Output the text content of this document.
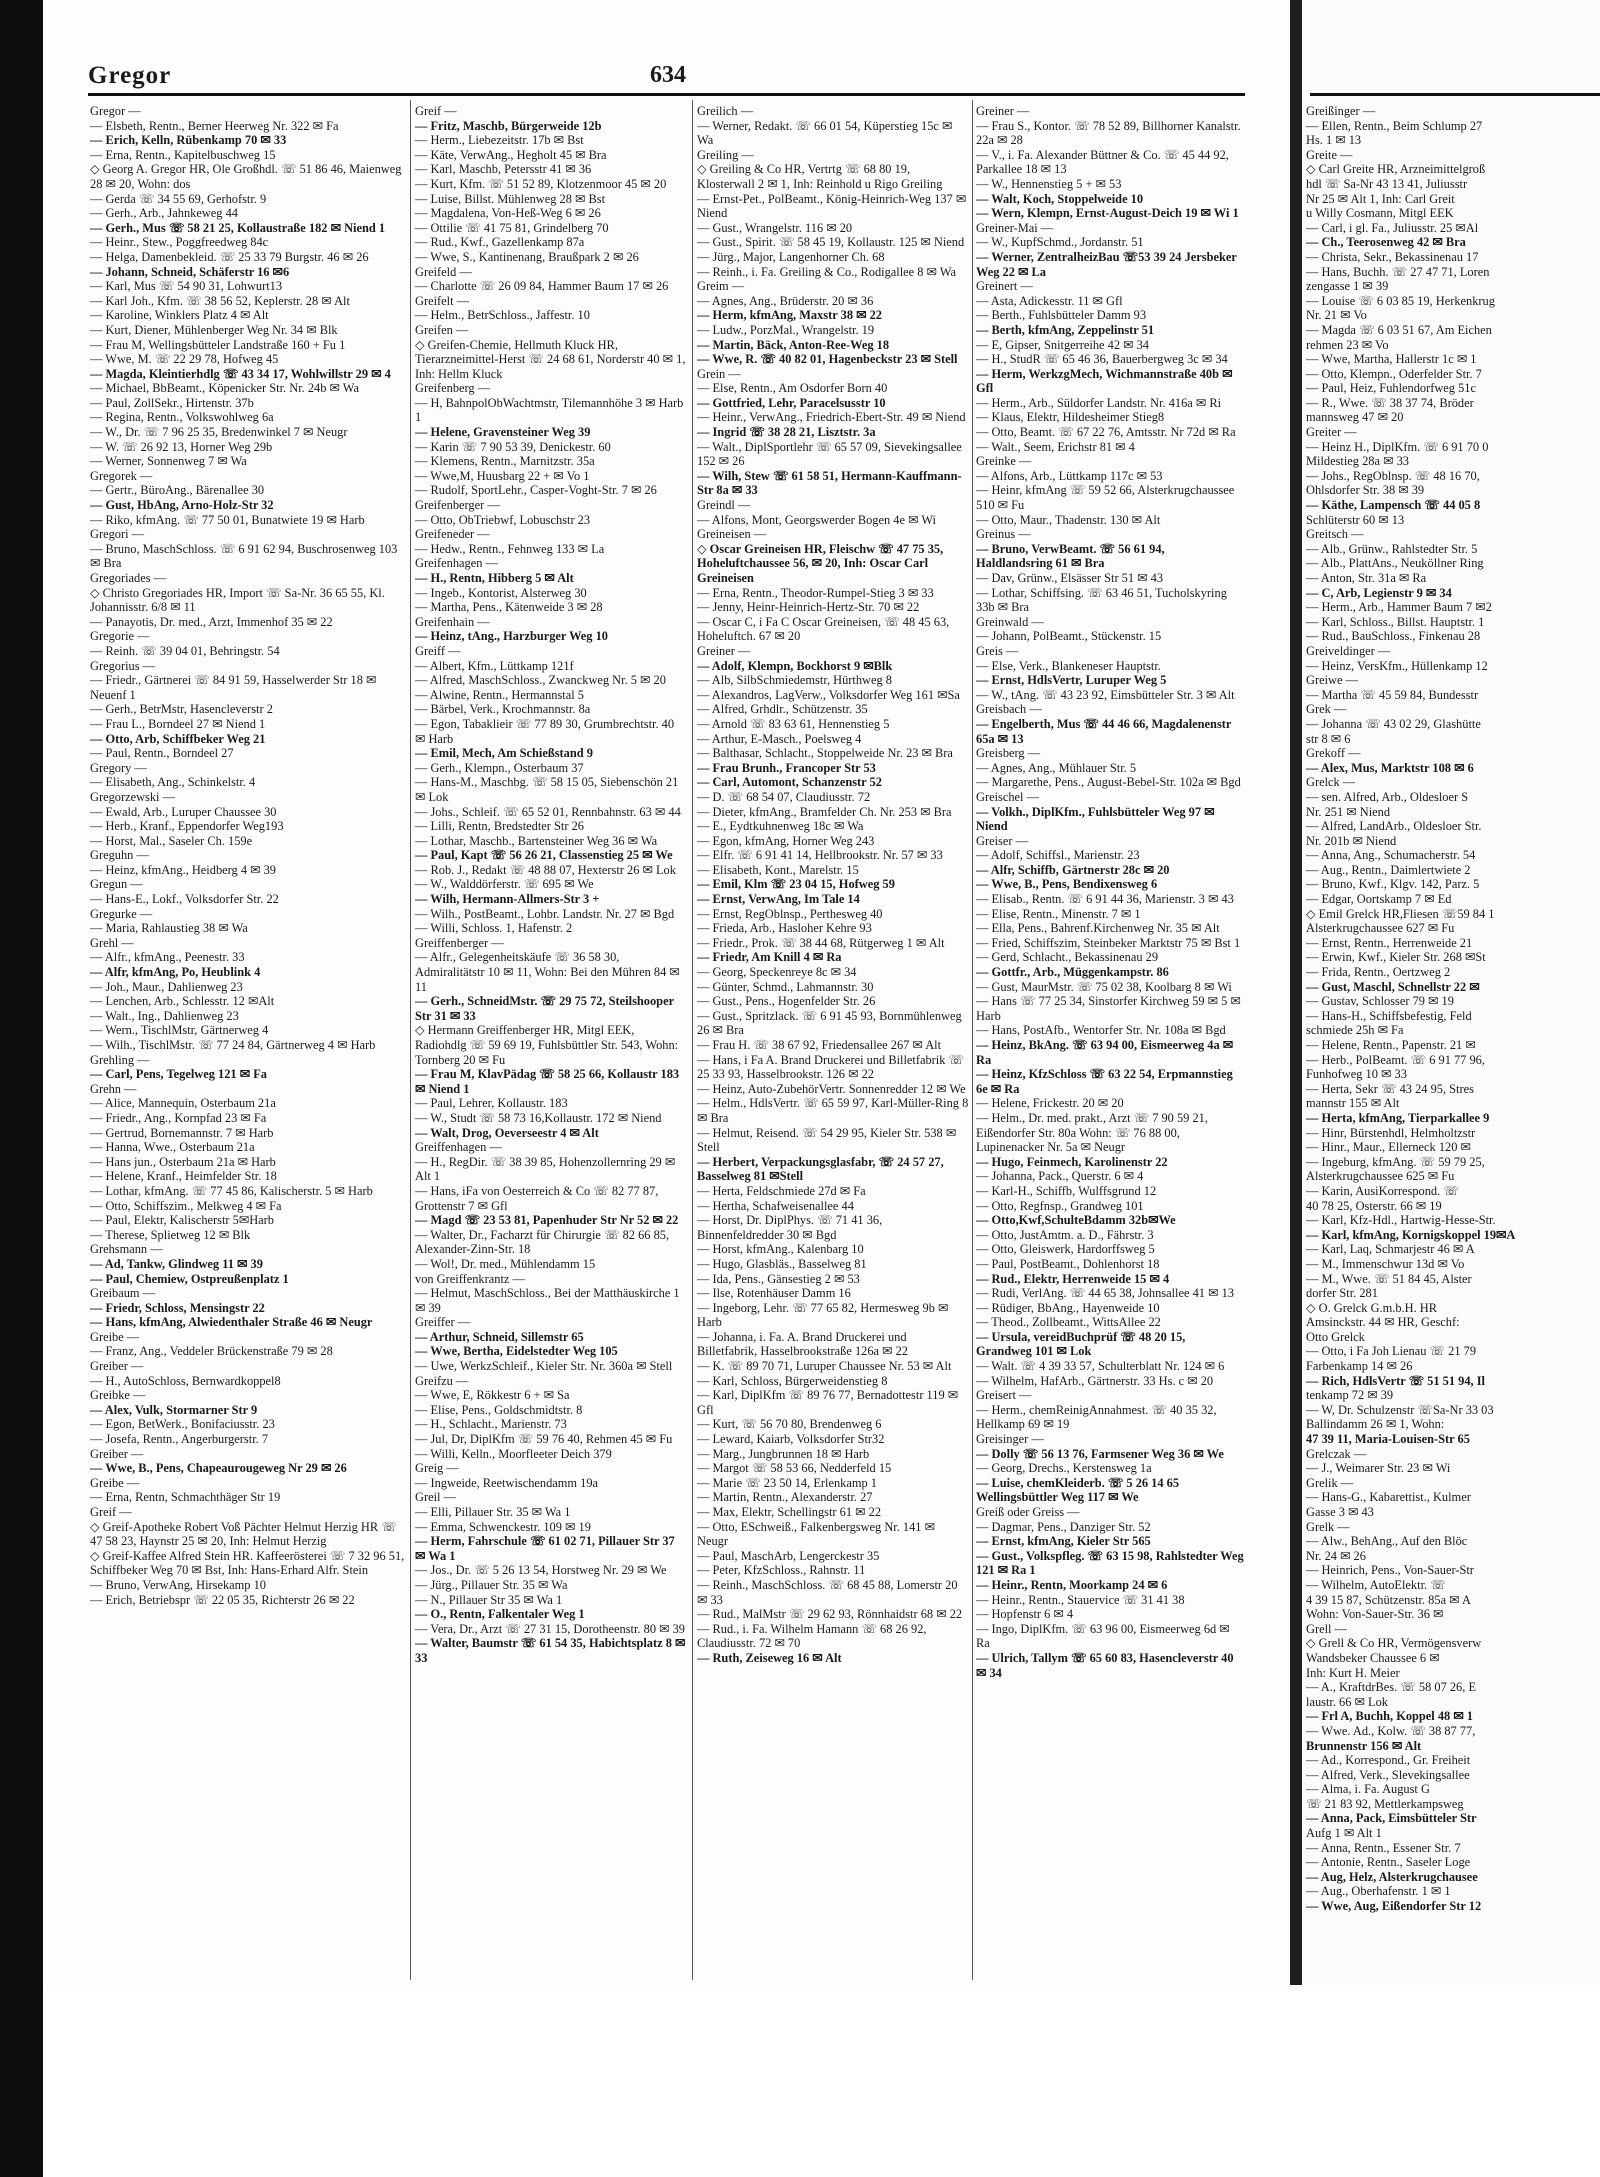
Gregor	634
Gregor —
— Elsbeth, Rentn., Berner Heerweg Nr. 322 ✉ Fa
— Erich, Kelln, Rübenkamp 70 ✉ 33
— Erna, Rentn., Kapitelbuschweg 15
◇ Georg A. Gregor HR, Ole Großhdl. ☏ 51 86 46, Maienweg 28 ✉ 20, Wohn: dos
— Gerda ☏ 34 55 69, Gerhofstr. 9
— Gerh., Arb., Jahnkeweg 44
— Gerh., Mus ☏ 58 21 25, Kollaustraße 182 ✉ Niend 1
— Heinr., Stew., Poggfreedweg 84c
— Helga, Damenbekleid. ☏ 25 33 79 Burgstr. 46 ✉ 26
— Johann, Schneid, Schäferstr 16 ✉6
— Karl, Mus ☏ 54 90 31, Lohwurt13
— Karl Joh., Kfm. ☏ 38 56 52, Keplerstr. 28 ✉ Alt
— Karoline, Winklers Platz 4 ✉ Alt
— Kurt, Diener, Mühlenberger Weg Nr. 34 ✉ Blk
— Frau M, Wellingsbütteler Landstraße 160 + Fu 1
— Wwe, M. ☏ 22 29 78, Hofweg 45
— Magda, Kleintierhdlg ☏ 43 34 17, Wohlwillstr 29 ✉ 4
— Michael, BbBeamt., Köpenicker Str. Nr. 24b ✉ Wa
— Paul, ZollSekr., Hirtenstr. 37b
— Regina, Rentn., Volkswohlweg 6a
— W., Dr. ☏ 7 96 25 35, Bredenwinkel 7 ✉ Neugr
— W. ☏ 26 92 13, Horner Weg 29b
— Werner, Sonnenweg 7 ✉ Wa
Gregorek —
— Gertr., BüroAng., Bärenallee 30
— Gust, HbAng, Arno-Holz-Str 32
— Riko, kfmAng. ☏ 77 50 01, Bunatwiete 19 ✉ Harb
Gregori —
— Bruno, MaschSchloss. ☏ 6 91 62 94, Buschrosenweg 103 ✉ Bra
Gregoriades —
◇ Christo Gregoriades HR, Import ☏ Sa-Nr. 36 65 55, Kl. Johannisstr. 6/8 ✉ 11
— Panayotis, Dr. med., Arzt, Immenhof 35 ✉ 22
Gregorie —
— Reinh. ☏ 39 04 01, Behringstr. 54
Gregorius —
— Friedr., Gärtnerei ☏ 84 91 59, Hasselwerder Str 18 ✉ Neuenf 1
— Gerh., BetrMstr, Hasencleverstr 2
— Frau L., Borndeel 27 ✉ Niend 1
— Otto, Arb, Schiffbeker Weg 21
— Paul, Rentn., Borndeel 27
Gregory —
— Elisabeth, Ang., Schinkelstr. 4
Gregorzewski —
— Ewald, Arb., Luruper Chaussee 30
— Herb., Kranf., Eppendorfer Weg193
— Horst, Mal., Saseler Ch. 159e
Greguhn —
— Heinz, kfmAng., Heidberg 4 ✉ 39
Gregun —
— Hans-E., Lokf., Volksdorfer Str. 22
Gregurke —
— Maria, Rahlaustieg 38 ✉ Wa
Grehl —
— Alfr., kfmAng., Peenestr. 33
— Alfr, kfmAng, Po, Heublink 4
— Joh., Maur., Dahlienweg 23
— Lenchen, Arb., Schlesstr. 12 ✉Alt
— Walt., Ing., Dahlienweg 23
— Wern., TischlMstr, Gärtnerweg 4
— Wilh., TischlMstr. ☏ 77 24 84, Gärtnerweg 4 ✉ Harb
Grehling —
— Carl, Pens, Tegelweg 121 ✉ Fa
Grehn —
— Alice, Mannequin, Osterbaum 21a
— Friedr., Ang., Kornpfad 23 ✉ Fa
— Gertrud, Bornemannstr. 7 ✉ Harb
— Hanna, Wwe., Osterbaum 21a
— Hans jun., Osterbaum 21a ✉ Harb
— Helene, Kranf., Heimfelder Str. 18
— Lothar, kfmAng. ☏ 77 45 86, Kalischerstr. 5 ✉ Harb
— Otto, Schiffszim., Melkweg 4 ✉ Fa
— Paul, Elektr, Kalischerstr 5✉Harb
— Therese, Splietweg 12 ✉ Blk
Grehsmann —
— Ad, Tankw, Glindweg 11 ✉ 39
— Paul, Chemiew, Ostpreußenplatz 1
Greibaum —
— Friedr, Schloss, Mensingstr 22
— Hans, kfmAng, Alwiedenthaler Straße 46 ✉ Neugr
Greibe —
— Franz, Ang., Veddeler Brückenstraße 79 ✉ 28
Greiber —
— H., AutoSchloss, Bernwardkoppel8
Greibke —
— Alex, Vulk, Stormarner Str 9
— Egon, BetWerk., Bonifaciusstr. 23
— Josefa, Rentn., Angerburgerstr. 7
Greiber —
— Wwe, B., Pens, Chapeaurougeweg Nr 29 ✉ 26
Greibe —
— Erna, Rentn, Schmachthäger Str 19
Greif —
◇ Greif-Apotheke Robert Voß Pächter Helmut Herzig HR ☏ 47 58 23, Haynstr 25 ✉ 20, Inh: Helmut Herzig
◇ Greif-Kaffee Alfred Stein HR. Kaffeerösterei ☏ 7 32 96 51, Schiffbeker Weg 70 ✉ Bst, Inh: Hans-Erhard Alfr. Stein
— Bruno, VerwAng, Hirsekamp 10
— Erich, Betriebspr ☏ 22 05 35, Richterstr 26 ✉ 22
Greif —
— Fritz, Maschb, Bürgerweide 12b
— Herm., Liebezeitstr. 17b ✉ Bst
— Käte, VerwAng., Hegholt 45 ✉ Bra
— Karl, Maschb, Petersstr 41 ✉ 36
— Kurt, Kfm. ☏ 51 52 89, Klotzenmoor 45 ✉ 20
— Luise, Billst. Mühlenweg 28 ✉ Bst
— Magdalena, Von-Heß-Weg 6 ✉ 26
— Ottilie ☏ 41 75 81, Grindelberg 70
— Rud., Kwf., Gazellenkamp 87a
— Wwe, S., Kantinenang, Braußpark 2 ✉ 26
Greifeld —
— Charlotte ☏ 26 09 84, Hammer Baum 17 ✉ 26
Greifelt —
— Helm., BetrSchloss., Jaffestr. 10
Greifen —
◇ Greifen-Chemie, Hellmuth Kluck HR, Tierarzneimittel-Herst ☏ 24 68 61, Norderstr 40 ✉ 1, Inh: Hellm Kluck
Greifenberg —
— H, BahnpolObWachtmstr, Tilemannhöhe 3 ✉ Harb 1
— Helene, Gravensteiner Weg 39
— Karin ☏ 7 90 53 39, Denickestr. 60
— Klemens, Rentn., Marnitzstr. 35a
— Wwe,M, Huusbarg 22 + ✉ Vo 1
— Rudolf, SportLehr., Casper-Voght-Str. 7 ✉ 26
Greifenberger —
— Otto, ObTriebwf, Lobuschstr 23
Greifeneder —
— Hedw., Rentn., Fehnweg 133 ✉ La
Greifenhagen —
— H., Rentn, Hibberg 5 ✉ Alt
— Ingeb., Kontorist, Alsterweg 30
— Martha, Pens., Kätenweide 3 ✉ 28
Greifenhain —
— Heinz, tAng., Harzburger Weg 10
Greiff —
— Albert, Kfm., Lüttkamp 121f
— Alfred, MaschSchloss., Zwanckweg Nr. 5 ✉ 20
— Alwine, Rentn., Hermannstal 5
— Bärbel, Verk., Krochmannstr. 8a
— Egon, Tabaklieir ☏ 77 89 30, Grumbrechtstr. 40 ✉ Harb
— Emil, Mech, Am Schießstand 9
— Gerh., Klempn., Osterbaum 37
— Hans-M., Maschbg. ☏ 58 15 05, Siebenschön 21 ✉ Lok
— Johs., Schleif. ☏ 65 52 01, Rennbahnstr. 63 ✉ 44
— Lilli, Rentn, Bredstedter Str 26
— Lothar, Maschb., Bartensteiner Weg 36 ✉ Wa
— Paul, Kapt ☏ 56 26 21, Classenstieg 25 ✉ We
— Rob. J., Redakt ☏ 48 88 07, Hexterstr 26 ✉ Lok
— W., Walddörferstr. ☏ 695 ✉ We
— Wilh, Hermann-Allmers-Str 3 +
— Wilh., PostBeamt., Lohbr. Landstr. Nr. 27 ✉ Bgd
— Willi, Schloss. 1, Hafenstr. 2
Greiffenberger —
— Alfr., Gelegenheitskäufe ☏ 36 58 30, Admiralitätstr 10 ✉ 11, Wohn: Bei den Mühren 84 ✉ 11
— Gerh., SchneidMstr. ☏ 29 75 72, Steilshooper Str 31 ✉ 33
◇ Hermann Greiffenberger HR, Mitgl EEK, Radiohdlg ☏ 59 69 19, Fuhlsbüttler Str. 543, Wohn: Tornberg 20 ✉ Fu
— Frau M, KlavPädag ☏ 58 25 66, Kollaustr 183 ✉ Niend 1
— Paul, Lehrer, Kollaustr. 183
— W., Studt ☏ 58 73 16,Kollaustr. 172 ✉ Niend
— Walt, Drog, Oeverseestr 4 ✉ Alt
Greiffenhagen —
— H., RegDir. ☏ 38 39 85, Hohenzollernring 29 ✉ Alt 1
— Hans, iFa von Oesterreich & Co ☏ 82 77 87, Grottenstr 7 ✉ Gfl
— Magd ☏ 23 53 81, Papenhuder Str Nr 52 ✉ 22
— Walter, Dr., Facharzt für Chirurgie ☏ 82 66 85, Alexander-Zinn-Str. 18
— Wol!, Dr. med., Mühlendamm 15
von Greiffenkrantz —
— Helmut, MaschSchloss., Bei der Matthäuskirche 1 ✉ 39
Greiffer —
— Arthur, Schneid, Sillemstr 65
— Wwe, Bertha, Eidelstedter Weg 105
— Uwe, WerkzSchleif., Kieler Str. Nr. 360a ✉ Stell
Greifzu —
— Wwe, E, Rökkestr 6 + ✉ Sa
— Elise, Pens., Goldschmidtstr. 8
— H., Schlacht., Marienstr. 73
— Jul, Dr, DiplKfm ☏ 59 76 40, Rehmen 45 ✉ Fu
— Willi, Kelln., Moorfleeter Deich 379
Greig —
— Ingweide, Reetwischendamm 19a
Greil —
— Elli, Pillauer Str. 35 ✉ Wa 1
— Emma, Schwenckestr. 109 ✉ 19
— Herm, Fahrschule ☏ 61 02 71, Pillauer Str 37 ✉ Wa 1
— Jos., Dr. ☏ 5 26 13 54, Horstweg Nr. 29 ✉ We
— Jürg., Pillauer Str. 35 ✉ Wa
— N., Pillauer Str 35 ✉ Wa 1
— O., Rentn, Falkentaler Weg 1
— Vera, Dr., Arzt ☏ 27 31 15, Dorotheenstr. 80 ✉ 39
— Walter, Baumstr ☏ 61 54 35, Habichtsplatz 8 ✉ 33
Greilich —
— Werner, Redakt. ☏ 66 01 54, Küperstieg 15c ✉ Wa
Greiling —
◇ Greiling & Co HR, Vertrtg ☏ 68 80 19, Klosterwall 2 ✉ 1, Inh: Reinhold u Rigo Greiling
— Ernst-Pet., PolBeamt., König-Heinrich-Weg 137 ✉ Niend
— Gust., Wrangelstr. 116 ✉ 20
— Gust., Spirit. ☏ 58 45 19, Kollaustr. 125 ✉ Niend
— Jürg., Major, Langenhorner Ch. 68
— Reinh., i. Fa. Greiling & Co., Rodigallee 8 ✉ Wa
Greim —
— Agnes, Ang., Brüderstr. 20 ✉ 36
— Herm, kfmAng, Maxstr 38 ✉ 22
— Ludw., PorzMal., Wrangelstr. 19
— Martin, Bäck, Anton-Ree-Weg 18
— Wwe, R. ☏ 40 82 01, Hagenbeckstr 23 ✉ Stell
Grein —
— Else, Rentn., Am Osdorfer Born 40
— Gottfried, Lehr, Paracelsusstr 10
— Heinr., VerwAng., Friedrich-Ebert-Str. 49 ✉ Niend
— Ingrid ☏ 38 28 21, Lisztstr. 3a
— Walt., DiplSportlehr ☏ 65 57 09, Sievekingsallee 152 ✉ 26
— Wilh, Stew ☏ 61 58 51, Hermann-Kauffmann-Str 8a ✉ 33
Greindl —
— Alfons, Mont, Georgswerder Bogen 4e ✉ Wi
Greineisen —
◇ Oscar Greineisen HR, Fleischw ☏ 47 75 35, Hoheluftchaussee 56, ✉ 20, Inh: Oscar Carl Greineisen
— Erna, Rentn., Theodor-Rumpel-Stieg 3 ✉ 33
— Jenny, Heinr-Heinrich-Hertz-Str. 70 ✉ 22
— Oscar C, i Fa C Oscar Greineisen, ☏ 48 45 63, Hoheluftch. 67 ✉ 20
Greiner —
— Adolf, Klempn, Bockhorst 9 ✉Blk
— Alb, SilbSchmiedemstr, Hürthweg 8
— Alexandros, LagVerw., Volksdorfer Weg 161 ✉Sa
— Alfred, Grhdlr., Schützenstr. 35
— Arnold ☏ 83 63 61, Hennenstieg 5
— Arthur, E-Masch., Poelsweg 4
— Balthasar, Schlacht., Stoppelweide Nr. 23 ✉ Bra
— Frau Brunh., Francoper Str 53
— Carl, Automont, Schanzenstr 52
— D. ☏ 68 54 07, Claudiusstr. 72
— Dieter, kfmAng., Bramfelder Ch. Nr. 253 ✉ Bra
— E., Eydtkuhnenweg 18c ✉ Wa
— Egon, kfmAng, Horner Weg 243
— Elfr. ☏ 6 91 41 14, Hellbrookstr. Nr. 57 ✉ 33
— Elisabeth, Kont., Marelstr. 15
— Emil, Klm ☏ 23 04 15, Hofweg 59
— Ernst, VerwAng, Im Tale 14
— Ernst, RegOblnsp., Perthesweg 40
— Frieda, Arb., Hasloher Kehre 93
— Friedr., Prok. ☏ 38 44 68, Rütgerweg 1 ✉ Alt
— Friedr, Am Knill 4 ✉ Ra
— Georg, Speckenreye 8c ✉ 34
— Günter, Schmd., Lahmannstr. 30
— Gust., Pens., Hogenfelder Str. 26
— Gust., Spritzlack. ☏ 6 91 45 93, Bornmühlenweg 26 ✉ Bra
— Frau H. ☏ 38 67 92, Friedensallee 267 ✉ Alt
— Hans, i Fa A. Brand Druckerei und Billetfabrik ☏ 25 33 93, Hasselbrookstr. 126 ✉ 22
— Heinz, Auto-ZubehörVertr. Sonnenredder 12 ✉ We
— Helm., HdlsVertr. ☏ 65 59 97, Karl-Müller-Ring 8 ✉ Bra
— Helmut, Reisend. ☏ 54 29 95, Kieler Str. 538 ✉ Stell
— Herbert, Verpackungsglasfabr, ☏ 24 57 27, Basselweg 81 ✉Stell
— Herta, Feldschmiede 27d ✉ Fa
— Hertha, Schafweisenallee 44
— Horst, Dr. DiplPhys. ☏ 71 41 36, Binnenfeldredder 30 ✉ Bgd
— Horst, kfmAng., Kalenbarg 10
— Hugo, Glasbläs., Basselweg 81
— Ida, Pens., Gänsestieg 2 ✉ 53
— Ilse, Rotenhäuser Damm 16
— Ingeborg, Lehr. ☏ 77 65 82, Hermesweg 9b ✉ Harb
— Johanna, i. Fa. A. Brand Druckerei und Billetfabrik, Hasselbrookstraße 126a ✉ 22
— K. ☏ 89 70 71, Luruper Chaussee Nr. 53 ✉ Alt
— Karl, Schloss, Bürgerweidenstieg 8
— Karl, DiplKfm ☏ 89 76 77, Bernadottestr 119 ✉ Gfl
— Kurt, ☏ 56 70 80, Brendenweg 6
— Leward, Kaiarb, Volksdorfer Str32
— Marg., Jungbrunnen 18 ✉ Harb
— Margot ☏ 58 53 66, Nedderfeld 15
— Marie ☏ 23 50 14, Erlenkamp 1
— Martin, Rentn., Alexanderstr. 27
— Max, Elektr, Schellingstr 61 ✉ 22
— Otto, ESchweiß., Falkenbergsweg Nr. 141 ✉ Neugr
— Paul, MaschArb, Lengerckestr 35
— Peter, KfzSchloss., Rahnstr. 11
— Reinh., MaschSchloss. ☏ 68 45 88, Lomerstr 20 ✉ 33
— Rud., MalMstr ☏ 29 62 93, Rönnhaidstr 68 ✉ 22
— Rud., i. Fa. Wilhelm Hamann ☏ 68 26 92, Claudiusstr. 72 ✉ 70
— Ruth, Zeiseweg 16 ✉ Alt
Greiner —
— Frau S., Kontor. ☏ 78 52 89, Billhorner Kanalstr. 22a ✉ 28
— V., i. Fa. Alexander Büttner & Co. ☏ 45 44 92, Parkallee 18 ✉ 13
— W., Hennenstieg 5 + ✉ 53
— Walt, Koch, Stoppelweide 10
— Wern, Klempn, Ernst-August-Deich 19 ✉ Wi 1
Greiner-Mai —
— W., KupfSchmd., Jordanstr. 51
— Werner, ZentralheizBau ☏53 39 24 Jersbeker Weg 22 ✉ La
Greinert —
— Asta, Adickesstr. 11 ✉ Gfl
— Berth., Fuhlsbütteler Damm 93
— Berth, kfmAng, Zeppelinstr 51
— E, Gipser, Snitgerreihe 42 ✉ 34
— H., StudR ☏ 65 46 36, Bauerbergweg 3c ✉ 34
— Herm, WerkzgMech, Wichmannstraße 40b ✉ Gfl
— Herm., Arb., Süldorfer Landstr. Nr. 416a ✉ Ri
— Klaus, Elektr, Hildesheimer Stieg8
— Otto, Beamt. ☏ 67 22 76, Amtsstr. Nr 72d ✉ Ra
— Walt., Seem, Erichstr 81 ✉ 4
Greinke —
— Alfons, Arb., Lüttkamp 117c ✉ 53
— Heinr, kfmAng ☏ 59 52 66, Alsterkrugchaussee 510 ✉ Fu
— Otto, Maur., Thadenstr. 130 ✉ Alt
Greinus —
— Bruno, VerwBeamt. ☏ 56 61 94, Haldlandsring 61 ✉ Bra
— Dav, Grünw., Elsässer Str 51 ✉ 43
— Lothar, Schiffsing. ☏ 63 46 51, Tucholskyring 33b ✉ Bra
Greinwald —
— Johann, PolBeamt., Stückenstr. 15
Greis —
— Else, Verk., Blankeneser Hauptstr.
— Ernst, HdlsVertr, Luruper Weg 5
— W., tAng. ☏ 43 23 92, Eimsbütteler Str. 3 ✉ Alt
Greisbach —
— Engelberth, Mus ☏ 44 46 66, Magdalenenstr 65a ✉ 13
Greisberg —
— Agnes, Ang., Mühlauer Str. 5
— Margarethe, Pens., August-Bebel-Str. 102a ✉ Bgd
Greischel —
— Volkh., DiplKfm., Fuhlsbütteler Weg 97 ✉ Niend
Greiser —
— Adolf, Schiffsl., Marienstr. 23
— Alfr, Schiffb, Gärtnerstr 28c ✉ 20
— Wwe, B., Pens, Bendixensweg 6
— Elisab., Rentn. ☏ 6 91 44 36, Marienstr. 3 ✉ 43
— Elise, Rentn., Minenstr. 7 ✉ 1
— Ella, Pens., Bahrenf.Kirchenweg Nr. 35 ✉ Alt
— Fried, Schiffszim, Steinbeker Marktstr 75 ✉ Bst 1
— Gerd, Schlacht., Bekassinenau 29
— Gottfr., Arb., Müggenkampstr. 86
— Gust, MaurMstr. ☏ 75 02 38, Koolbarg 8 ✉ Wi
— Hans ☏ 77 25 34, Sinstorfer Kirchweg 59 ✉ 5 ✉ Harb
— Hans, PostAfb., Wentorfer Str. Nr. 108a ✉ Bgd
— Heinz, BkAng. ☏ 63 94 00, Eismeerweg 4a ✉ Ra
— Heinz, KfzSchloss ☏ 63 22 54, Erpmannstieg 6e ✉ Ra
— Helene, Frickestr. 20 ✉ 20
— Helm., Dr. med. prakt., Arzt ☏ 7 90 59 21, Eißendorfer Str. 80a Wohn: ☏ 76 88 00, Lupinenacker Nr. 5a ✉ Neugr
— Hugo, Feinmech, Karolinenstr 22
— Johanna, Pack., Querstr. 6 ✉ 4
— Karl-H., Schiffb, Wulffsgrund 12
— Otto, Regfnsp., Grandweg 101
— Otto,Kwf,SchulteBdamm 32b✉We
— Otto, JustAmtm. a. D., Fährstr. 3
— Otto, Gleiswerk, Hardorffsweg 5
— Paul, PostBeamt., Dohlenhorst 18
— Rud., Elektr, Herrenweide 15 ✉ 4
— Rudi, VerlAng. ☏ 44 65 38, Johnsallee 41 ✉ 13
— Rüdiger, BbAng., Hayenweide 10
— Theod., Zollbeamt., WittsAllee 22
— Ursula, vereidBuchprüf ☏ 48 20 15, Grandweg 101 ✉ Lok
— Walt. ☏ 4 39 33 57, Schulterblatt Nr. 124 ✉ 6
— Wilhelm, HafArb., Gärtnerstr. 33 Hs. c ✉ 20
Greisert —
— Herm., chemReinigAnnahmest. ☏ 40 35 32, Hellkamp 69 ✉ 19
Greisinger —
— Dolly ☏ 56 13 76, Farmsener Weg 36 ✉ We
— Georg, Drechs., Kerstensweg 1a
— Luise, chemKleiderb. ☏ 5 26 14 65 Wellingsbüttler Weg 117 ✉ We
Greiß oder Greiss —
— Dagmar, Pens., Danziger Str. 52
— Ernst, kfmAng, Kieler Str 565
— Gust., Volkspfleg. ☏ 63 15 98, Rahlstedter Weg 121 ✉ Ra 1
— Heinr., Rentn, Moorkamp 24 ✉ 6
— Heinr., Rentn., Stauervice ☏ 31 41 38
— Hopfenstr 6 ✉ 4
— Ingo, DiplKfm. ☏ 63 96 00, Eismeerweg 6d ✉ Ra
— Ulrich, Tallym ☏ 65 60 83, Hasencleverstr 40 ✉ 34
Greißinger —
— Ellen, Rentn., Beim Schlump 27
Hs. 1 ✉ 13
Greite —
◇ Carl Greite HR, Arzneimittelgroß
hdl ☏ Sa-Nr 43 13 41, Juliusstr
Nr 25 ✉ Alt 1, Inh: Carl Greit
u Willy Cosmann, Mitgl EEK
— Carl, i gl. Fa., Juliusstr. 25 ✉Al
— Ch., Teerosenweg 42 ✉ Bra
— Christa, Sekr., Bekassinenau 17
— Hans, Buchh. ☏ 27 47 71, Loren
zengasse 1 ✉ 39
— Louise ☏ 6 03 85 19, Herkenkrug
Nr. 21 ✉ Vo
— Magda ☏ 6 03 51 67, Am Eichen
rehmen 23 ✉ Vo
— Wwe, Martha, Hallerstr 1c ✉ 1
— Otto, Klempn., Oderfelder Str. 7
— Paul, Heiz, Fuhlendorfweg 51c
— R., Wwe. ☏ 38 37 74, Bröder
mannsweg 47 ✉ 20
Greiter —
— Heinz H., DiplKfm. ☏ 6 91 70 0
Mildestieg 28a ✉ 33
— Johs., RegOblnsp. ☏ 48 16 70,
Ohlsdorfer Str. 38 ✉ 39
— Käthe, Lampensch ☏ 44 05 8
Schlüterstr 60 ✉ 13
Greitsch —
— Alb., Grünw., Rahlstedter Str. 5
— Alb., PlattAns., Neuköllner Ring
— Anton, Str. 31a ✉ Ra
— C, Arb, Legienstr 9 ✉ 34
— Herm., Arb., Hammer Baum 7 ✉2
— Karl, Schloss., Billst. Hauptstr. 1
— Rud., BauSchloss., Finkenau 28
Greiveldinger —
— Heinz, VersKfm., Hüllenkamp 12
Greiwe —
— Martha ☏ 45 59 84, Bundesstr
Grek —
— Johanna ☏ 43 02 29, Glashütte
str 8 ✉ 6
Grekoff —
— Alex, Mus, Marktstr 108 ✉ 6
Grelck —
— sen. Alfred, Arb., Oldesloer S
Nr. 251 ✉ Niend
— Alfred, LandArb., Oldesloer Str.
Nr. 201b ✉ Niend
— Anna, Ang., Schumacherstr. 54
— Aug., Rentn., Daimlertwiete 2
— Bruno, Kwf., Klgv. 142, Parz. 5
— Edgar, Oortskamp 7 ✉ Ed
◇ Emil Grelck HR,Fliesen ☏59 84 1
Alsterkrugchaussee 627 ✉ Fu
— Ernst, Rentn., Herrenweide 21
— Erwin, Kwf., Kieler Str. 268 ✉St
— Frida, Rentn., Oertzweg 2
— Gust, Maschl, Schnellstr 22 ✉
— Gustav, Schlosser 79 ✉ 19
— Hans-H., Schiffsbefestig, Feld
schmiede 25h ✉ Fa
— Helene, Rentn., Papenstr. 21 ✉
— Herb., PolBeamt. ☏ 6 91 77 96,
Funhofweg 10 ✉ 33
— Herta, Sekr ☏ 43 24 95, Stres
mannstr 155 ✉ Alt
— Herta, kfmAng, Tierparkallee 9
— Hinr, Bürstenhdl, Helmholtzstr
— Hinr., Maur., Ellerneck 120 ✉
— Ingeburg, kfmAng. ☏ 59 79 25,
Alsterkrugchaussee 625 ✉ Fu
— Karin, AusiKorrespond. ☏
40 78 25, Osterstr. 66 ✉ 19
— Karl, Kfz-Hdl., Hartwig-Hesse-Str.
— Karl, kfmAng, Kornigskoppel 19✉A
— Karl, Laq, Schmarjestr 46 ✉ A
— M., Immenschwur 13d ✉ Vo
— M., Wwe. ☏ 51 84 45, Alster
dorfer Str. 281
◇ O. Grelck G.m.b.H. HR
Amsinckstr. 44 ✉ HR, Geschf:
Otto Grelck
— Otto, i Fa Joh Lienau ☏ 21 79
Farbenkamp 14 ✉ 26
— Rich, HdlsVertr ☏ 51 51 94, Il
tenkamp 72 ✉ 39
— W, Dr. Schulzenstr ☏Sa-Nr 33 03
Ballindamm 26 ✉ 1, Wohn:
47 39 11, Maria-Louisen-Str 65
Grelczak —
— J., Weimarer Str. 23 ✉ Wi
Grelik —
— Hans-G., Kabarettist., Kulmer
Gasse 3 ✉ 43
Grelk —
— Alw., BehAng., Auf den Blöc
Nr. 24 ✉ 26
— Heinrich, Pens., Von-Sauer-Str
— Wilhelm, AutoElektr. ☏
4 39 15 87, Schützenstr. 85a ✉ A
Wohn: Von-Sauer-Str. 36 ✉
Grell —
◇ Grell & Co HR, Vermögensverw
Wandsbeker Chaussee 6 ✉
Inh: Kurt H. Meier
— A., KraftdrBes. ☏ 58 07 26, E
laustr. 66 ✉ Lok
— Frl A, Buchh, Koppel 48 ✉ 1
— Wwe. Ad., Kolw. ☏ 38 87 77,
Brunnenstr 156 ✉ Alt
— Ad., Korrespond., Gr. Freiheit
— Alfred, Verk., Slevekingsallee
— Alma, i. Fa. August G
☏ 21 83 92, Mettlerkampsweg
— Anna, Pack, Eimsbütteler Str
Aufg 1 ✉ Alt 1
— Anna, Rentn., Essener Str. 7
— Antonie, Rentn., Saseler Loge
— Aug, Helz, Alsterkrugchausee
— Aug., Oberhafenstr. 1 ✉ 1
— Wwe, Aug, Eißendorfer Str 12
